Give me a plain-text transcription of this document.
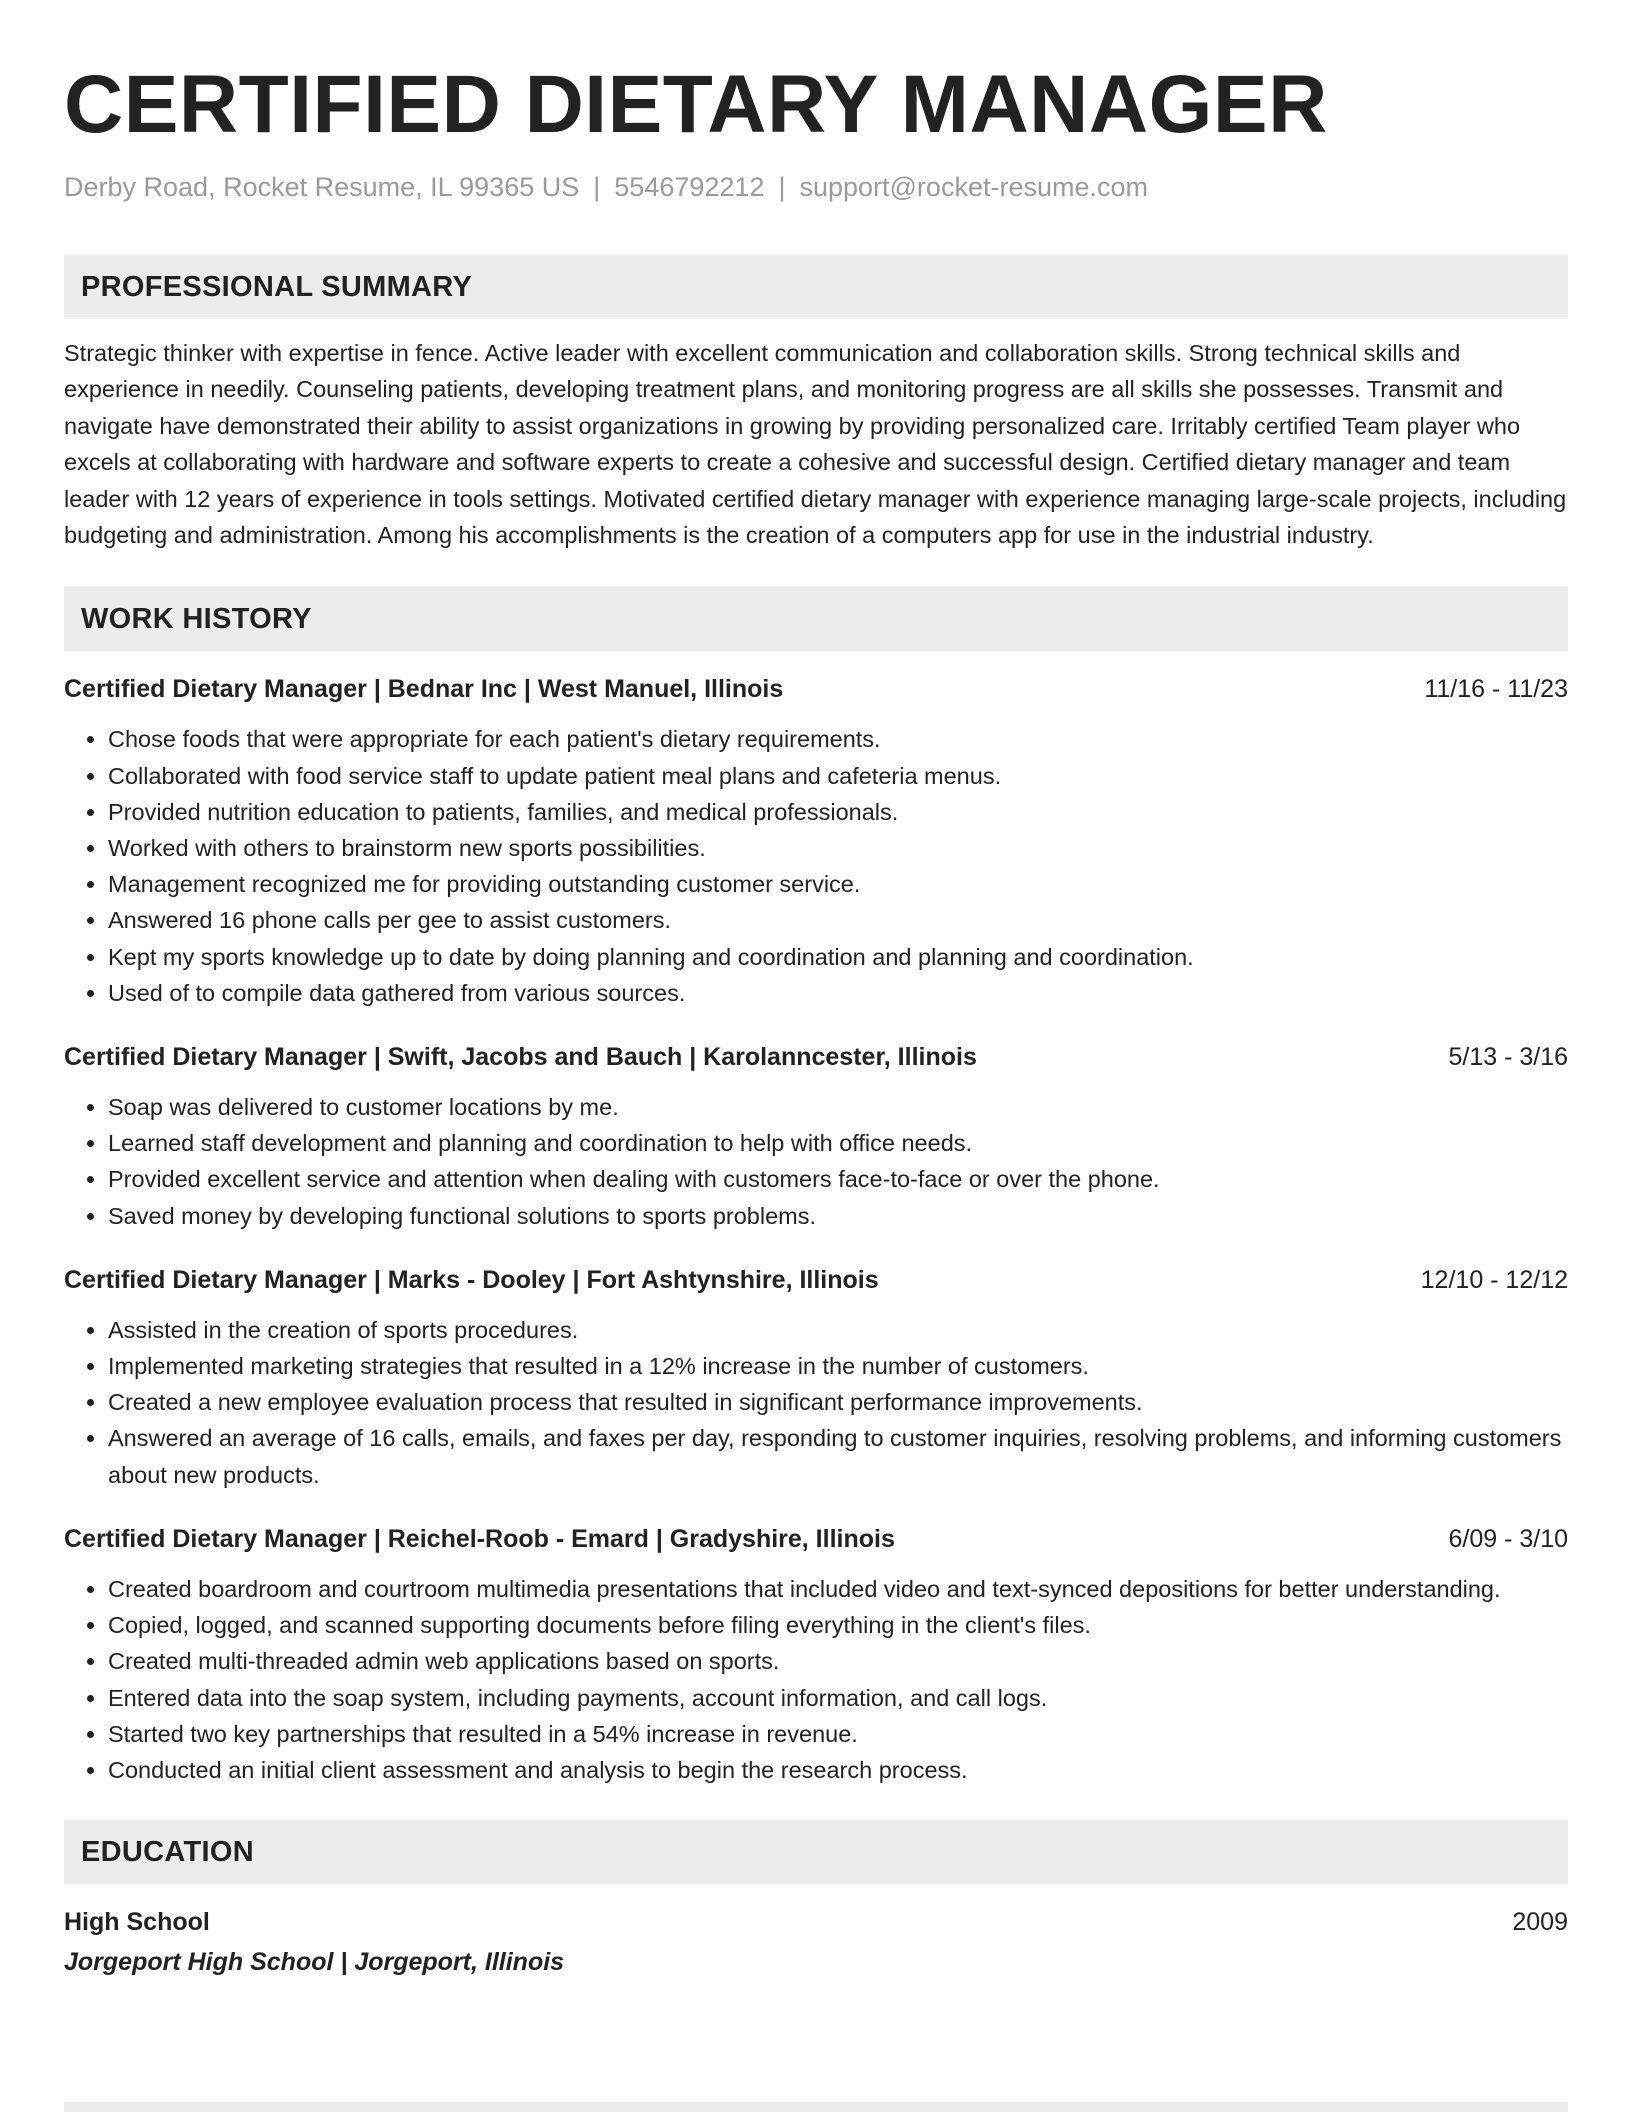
CERTIFIED DIETARY MANAGER
Derby Road, Rocket Resume, IL 99365 US | 5546792212 | support@rocket-resume.com
PROFESSIONAL SUMMARY
Strategic thinker with expertise in fence. Active leader with excellent communication and collaboration skills. Strong technical skills and experience in needily. Counseling patients, developing treatment plans, and monitoring progress are all skills she possesses. Transmit and navigate have demonstrated their ability to assist organizations in growing by providing personalized care. Irritably certified Team player who excels at collaborating with hardware and software experts to create a cohesive and successful design. Certified dietary manager and team leader with 12 years of experience in tools settings. Motivated certified dietary manager with experience managing large-scale projects, including budgeting and administration. Among his accomplishments is the creation of a computers app for use in the industrial industry.
WORK HISTORY
Certified Dietary Manager | Bednar Inc | West Manuel, Illinois	11/16 - 11/23
• Chose foods that were appropriate for each patient's dietary requirements.
• Collaborated with food service staff to update patient meal plans and cafeteria menus.
• Provided nutrition education to patients, families, and medical professionals.
• Worked with others to brainstorm new sports possibilities.
• Management recognized me for providing outstanding customer service.
• Answered 16 phone calls per gee to assist customers.
• Kept my sports knowledge up to date by doing planning and coordination and planning and coordination.
• Used of to compile data gathered from various sources.
Certified Dietary Manager | Swift, Jacobs and Bauch | Karolanncester, Illinois	5/13 - 3/16
• Soap was delivered to customer locations by me.
• Learned staff development and planning and coordination to help with office needs.
• Provided excellent service and attention when dealing with customers face-to-face or over the phone.
• Saved money by developing functional solutions to sports problems.
Certified Dietary Manager | Marks - Dooley | Fort Ashtynshire, Illinois	12/10 - 12/12
• Assisted in the creation of sports procedures.
• Implemented marketing strategies that resulted in a 12% increase in the number of customers.
• Created a new employee evaluation process that resulted in significant performance improvements.
• Answered an average of 16 calls, emails, and faxes per day, responding to customer inquiries, resolving problems, and informing customers about new products.
Certified Dietary Manager | Reichel-Roob - Emard | Gradyshire, Illinois	6/09 - 3/10
• Created boardroom and courtroom multimedia presentations that included video and text-synced depositions for better understanding.
• Copied, logged, and scanned supporting documents before filing everything in the client's files.
• Created multi-threaded admin web applications based on sports.
• Entered data into the soap system, including payments, account information, and call logs.
• Started two key partnerships that resulted in a 54% increase in revenue.
• Conducted an initial client assessment and analysis to begin the research process.
EDUCATION
High School	2009
Jorgeport High School | Jorgeport, Illinois
